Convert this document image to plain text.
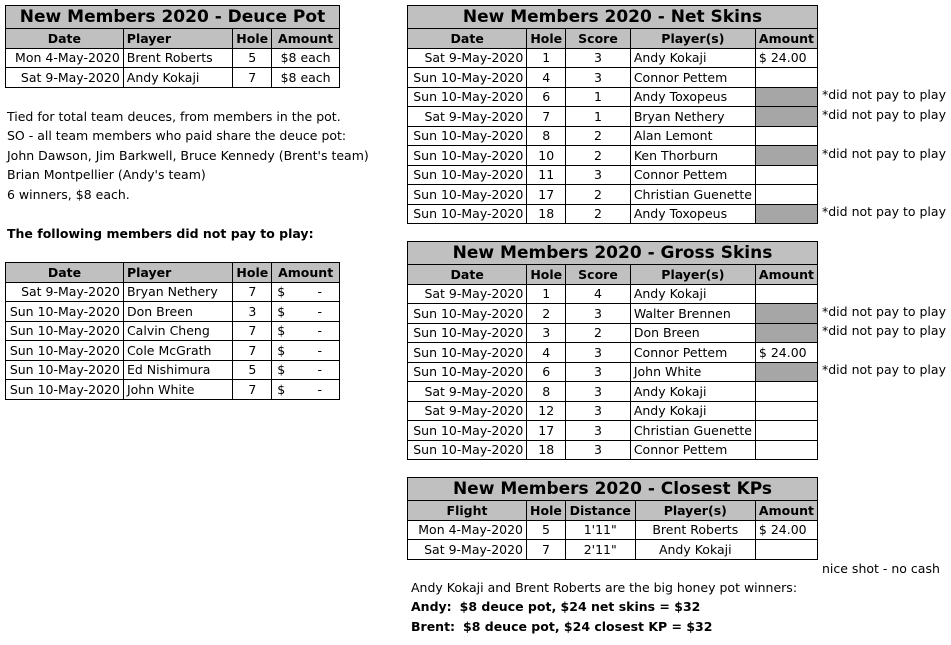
New Members 2020 - Deuce Pot			
Date	Player	Hole	Amount
Mon 4-May-2020	Brent Roberts	5	$8 each
Sat 9-May-2020	Andy Kokaji	7	$8 each
Tied for total team deuces, from members in the pot.
SO - all team members who paid share the deuce pot:
John Dawson, Jim Barkwell, Bruce Kennedy (Brent's team)
Brian Montpellier (Andy's team)
6 winners, $8 each.
The following members did not pay to play:
Date	Player	Hole	Amount
Sat 9-May-2020	Bryan Nethery	7	$ -

Sun 10-May-2020	Don Breen	3	$ -

Sun 10-May-2020	Calvin Cheng	7	$ -

Sun 10-May-2020	Cole McGrath	7	$ -

Sun 10-May-2020	Ed Nishimura	5	$ -

Sun 10-May-2020	John White	7	$ -
New Members 2020 - Net Skins				
Date	Hole	Score	Player(s)	Amount
Sat 9-May-2020	1	3	Andy Kokaji	$ 24.00
Sun 10-May-2020	4	3	Connor Pettem	
Sun 10-May-2020	6	1	Andy Toxopeus	
Sat 9-May-2020	7	1	Bryan Nethery	
Sun 10-May-2020	8	2	Alan Lemont	
Sun 10-May-2020	10	2	Ken Thorburn	
Sun 10-May-2020	11	3	Connor Pettem	
Sun 10-May-2020	17	2	Christian Guenette	
Sun 10-May-2020	18	2	Andy Toxopeus	
New Members 2020 - Gross Skins				
Date	Hole	Score	Player(s)	Amount
Sat 9-May-2020	1	4	Andy Kokaji	
Sun 10-May-2020	2	3	Walter Brennen	
Sun 10-May-2020	3	2	Don Breen	
Sun 10-May-2020	4	3	Connor Pettem	$ 24.00
Sun 10-May-2020	6	3	John White	
Sat 9-May-2020	8	3	Andy Kokaji	
Sat 9-May-2020	12	3	Andy Kokaji	
Sun 10-May-2020	17	3	Christian Guenette	
Sun 10-May-2020	18	3	Connor Pettem	
New Members 2020 - Closest KPs				
Flight	Hole	Distance	Player(s)	Amount
Mon 4-May-2020	5	1'11"	Brent Roberts	$ 24.00
Sat 9-May-2020	7	2'11"	Andy Kokaji	
*did not pay to play
*did not pay to play
*did not pay to play
*did not pay to play
*did not pay to play
*did not pay to play
*did not pay to play
nice shot - no cash
Andy Kokaji and Brent Roberts are the big honey pot winners:
Andy: $8 deuce pot, $24 net skins = $32
Brent: $8 deuce pot, $24 closest KP = $32
